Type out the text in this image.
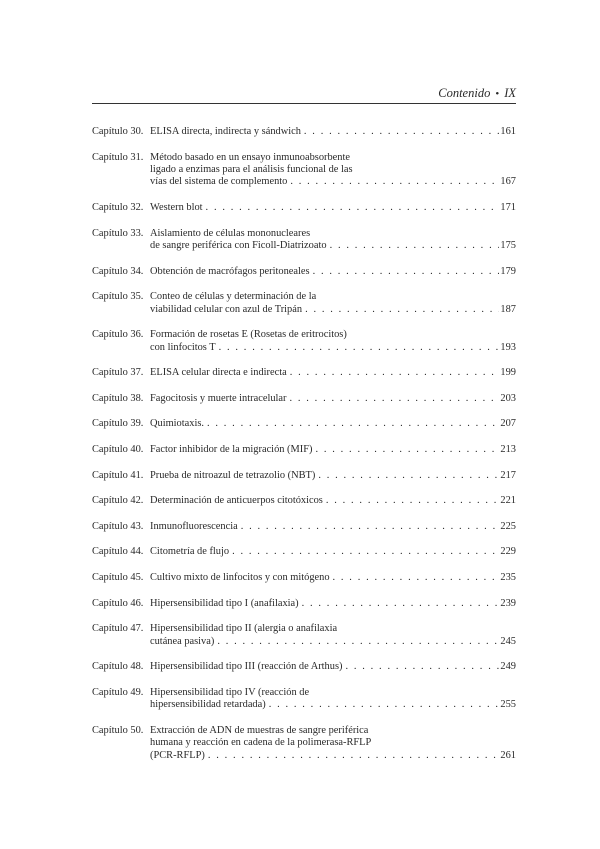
Contenido • IX
Capítulo 30. ELISA directa, indirecta y sándwich . . .	161
Capítulo 31. Método basado en un ensayo inmunoabsorbente
ligado a enzimas para el análisis funcional de las
vías del sistema de complemento . . .	167
Capítulo 32. Western blot . . .	171
Capítulo 33. Aislamiento de células mononucleares
de sangre periférica con Ficoll-Diatrizoato . . .	175
Capítulo 34. Obtención de macrófagos peritoneales . . .	179
Capítulo 35. Conteo de células y determinación de la
viabilidad celular con azul de Tripán . . .	187
Capítulo 36. Formación de rosetas E (Rosetas de eritrocitos)
con linfocitos T . . .	193
Capítulo 37. ELISA celular directa e indirecta . . .	199
Capítulo 38. Fagocitosis y muerte intracelular . . .	203
Capítulo 39. Quimiotaxis. . . .	207
Capítulo 40. Factor inhibidor de la migración (MIF) . . .	213
Capítulo 41. Prueba de nitroazul de tetrazolio (NBT) . . .	217
Capítulo 42. Determinación de anticuerpos citotóxicos . . .	221
Capítulo 43. Inmunofluorescencia . . .	225
Capítulo 44. Citometría de flujo . . .	229
Capítulo 45. Cultivo mixto de linfocitos y con mitógeno . . .	235
Capítulo 46. Hipersensibilidad tipo I (anafilaxia) . . .	239
Capítulo 47. Hipersensibilidad tipo II (alergia o anafilaxia
cutánea pasiva) . . .	245
Capítulo 48. Hipersensibilidad tipo III (reacción de Arthus) . . .	249
Capítulo 49. Hipersensibilidad tipo IV (reacción de
hipersensibilidad retardada) . . .	255
Capítulo 50. Extracción de ADN de muestras de sangre periférica
humana y reacción en cadena de la polimerasa-RFLP
(PCR-RFLP) . . .	261
